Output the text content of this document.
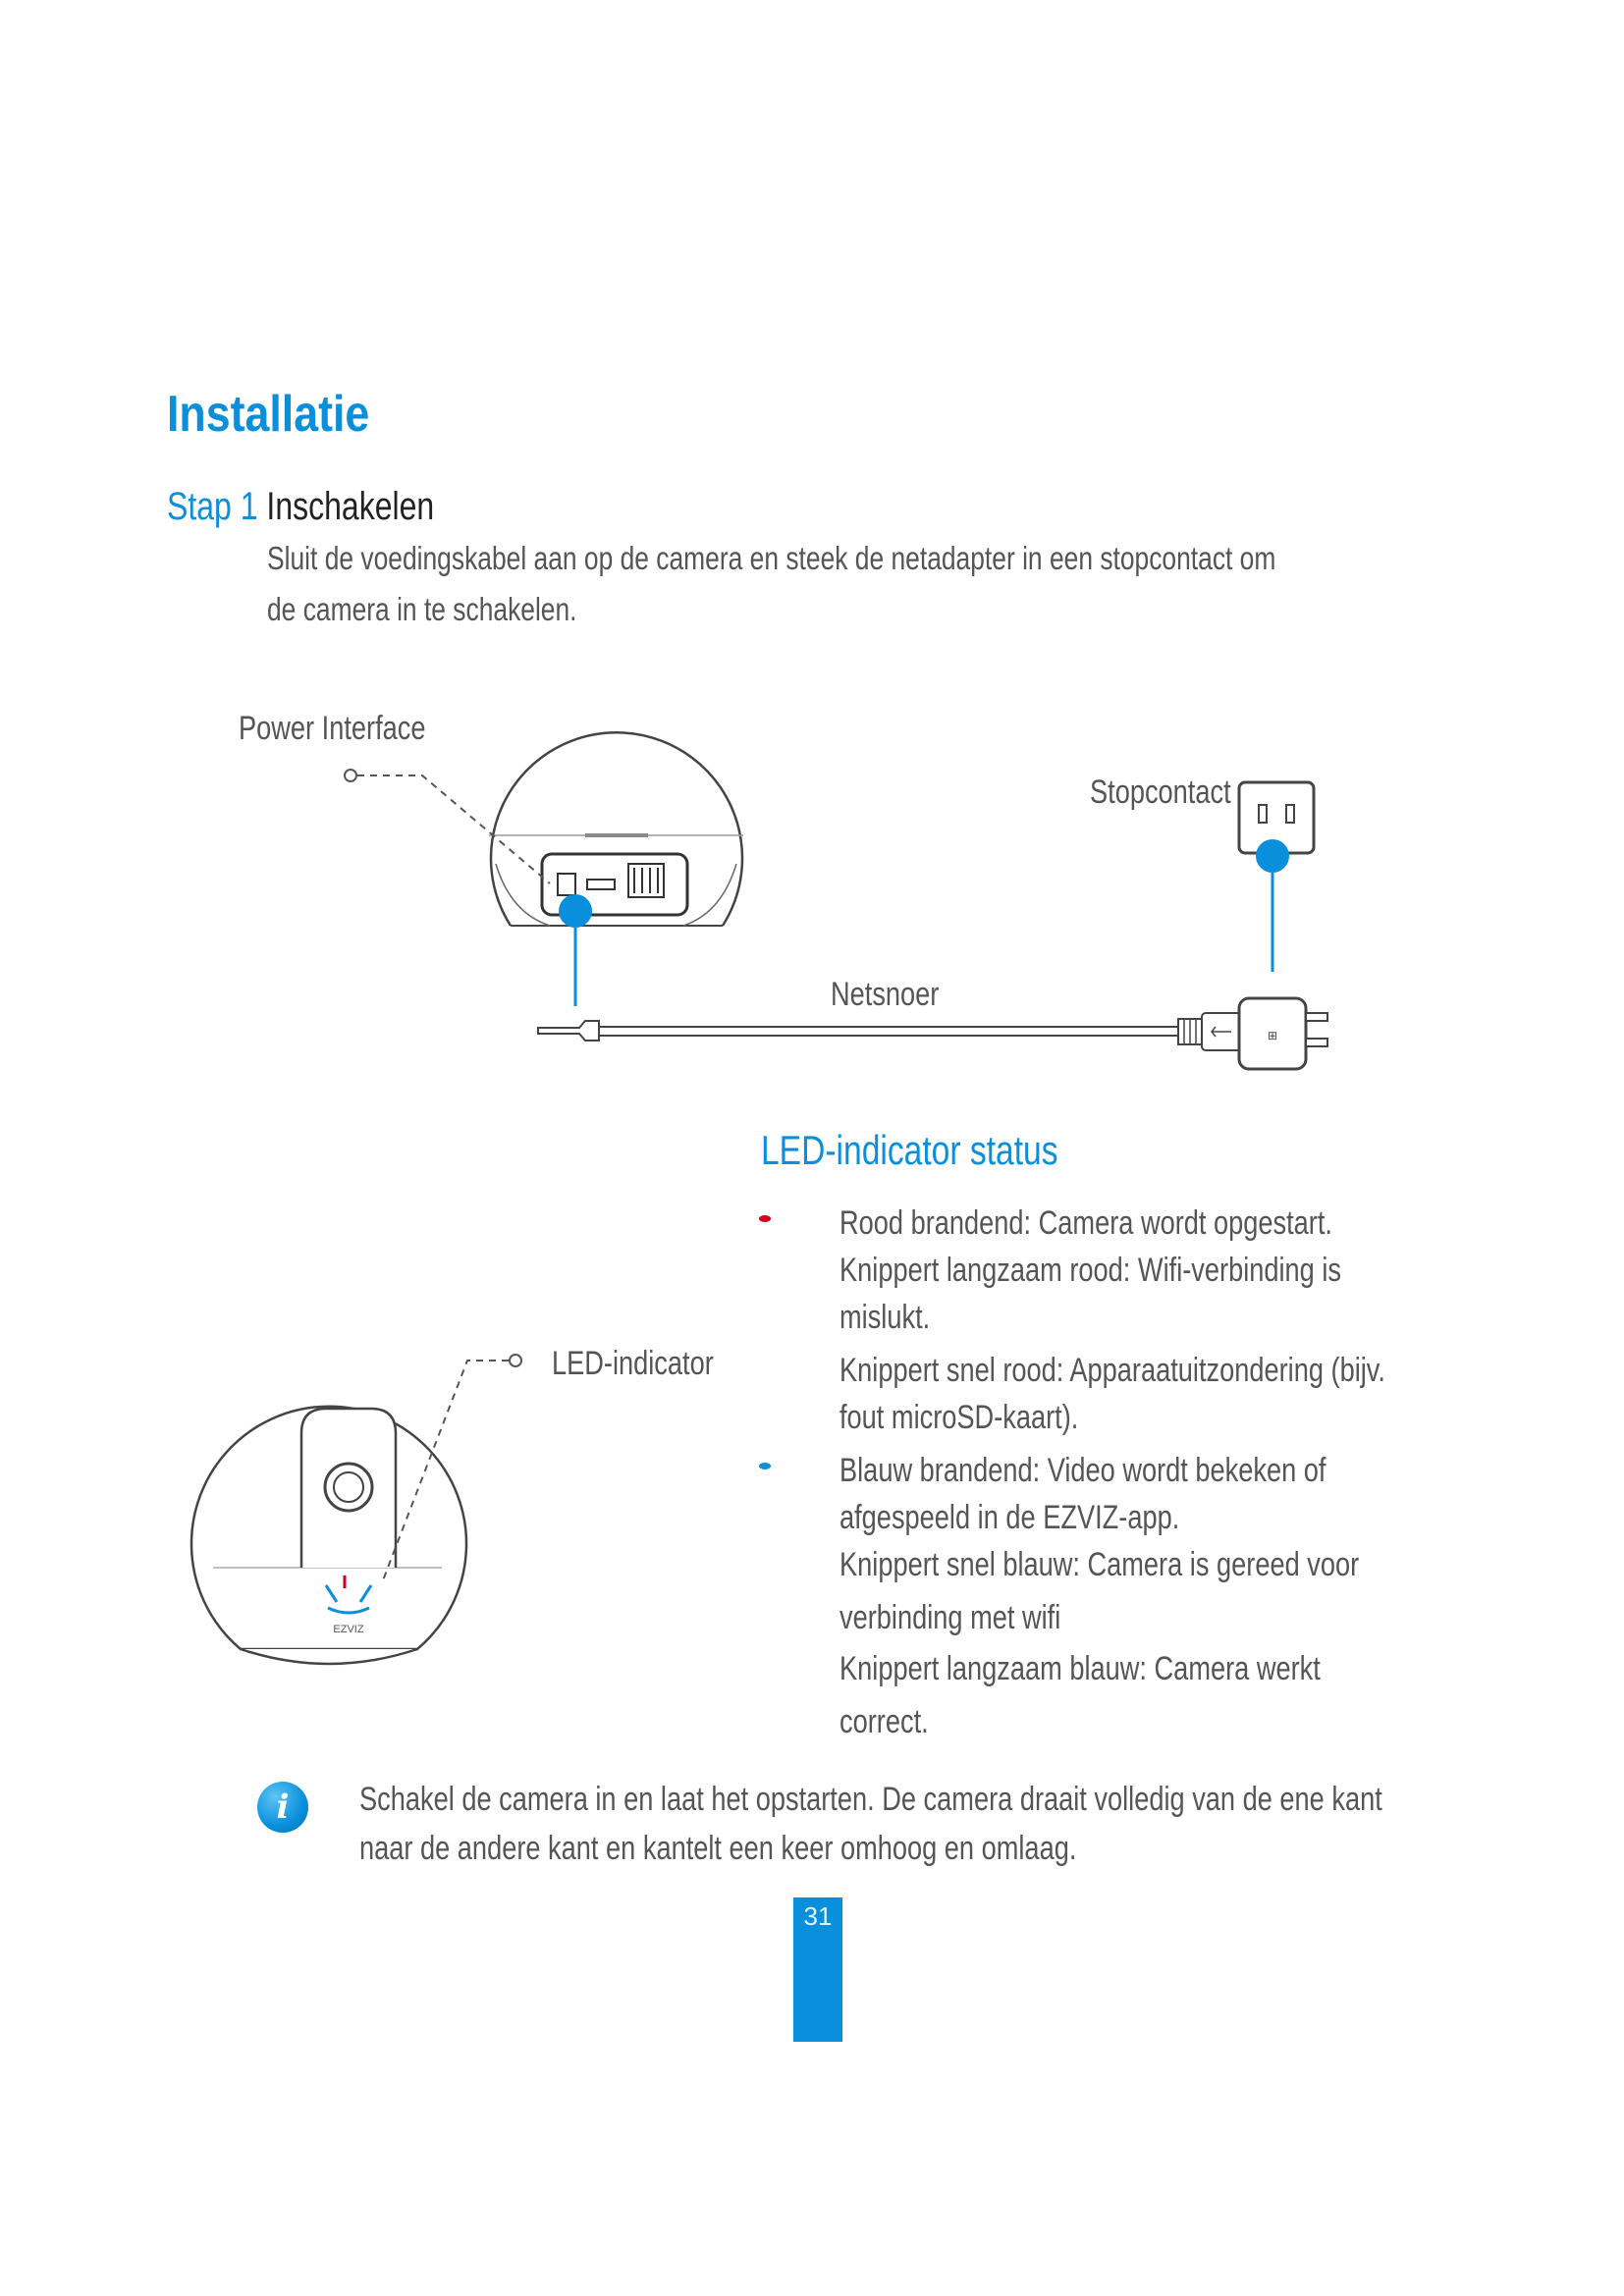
Installatie
Stap 1 Inschakelen

Sluit de voedingskabel aan op de camera en steek de netadapter in een stopcontact om

de camera in te schakelen.

⊞
Power Interface
Stopcontact
Netsnoer
EZVIZ
LED-indicator
LED-indicator status
Rood brandend: Camera wordt opgestart.
Knippert langzaam rood: Wifi-verbinding is
mislukt.
Knippert snel rood: Apparaatuitzondering (bijv.
fout microSD-kaart).
Blauw brandend: Video wordt bekeken of
afgespeeld in de EZVIZ-app.
Knippert snel blauw: Camera is gereed voor
verbinding met wifi
Knippert langzaam blauw: Camera werkt
correct.
i	Schakel de camera in en laat het opstarten. De camera draait volledig van de ene kant

naar de andere kant en kantelt een keer omhoog en omlaag.

31
